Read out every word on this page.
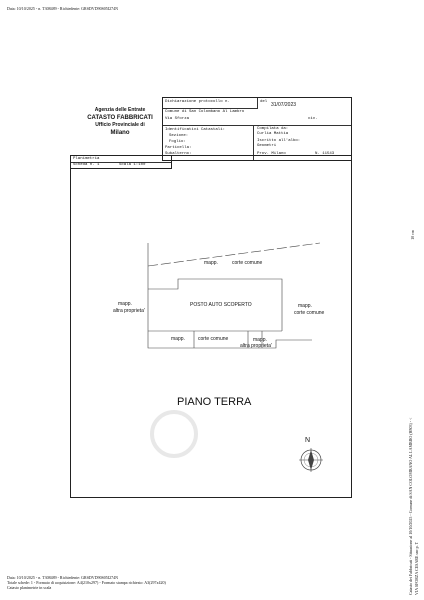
Data: 10/10/2025 - n. T308489 - Richiedente: GRSDVD90S05I274N
Agenzia delle Entrate
CATASTO FABBRICATI
Ufficio Provinciale di
Milano
Dichiarazione protocollo n.	del 31/07/2023
Comune di San Colombano Al Lambro
Via Sforza	civ.
Identificativi Catastali:
Sezione:
Foglio:
Particella:
Subalterno:
Compilata da:
Curlia Mattia
Iscritto all'albo:
Geometri
Prov. Milano	N. 11543
Planimetria
Scheda n. 1	Scala 1:100
mapp.	corte comune
mapp.
altra proprieta'
POSTO AUTO SCOPERTO	mapp.
corte comune
mapp.	corte comune	mapp.
altra proprieta'
PIANO TERRA
N
10 cm
Catasto dei Fabbricati - Situazione al 10/10/2025 - Comune di SAN COLOMBANO AL LAMBRO (H803) - < VIA SFORZA CESARE snc p. T
Data: 10/10/2025 - n. T308489 - Richiedente: GRSDVD90S05I274N
Totale schede: 1 - Formato di acquisizione: A4(210x297) - Formato stampa richiesto: A3(297x420)
Catasto planimetrie in scala
